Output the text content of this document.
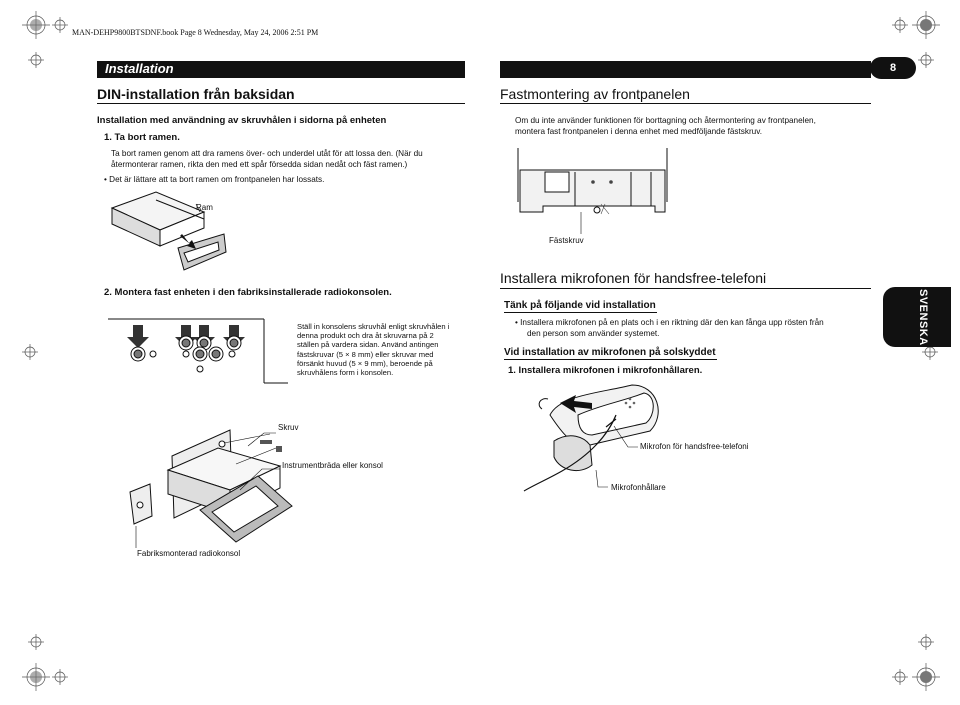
MAN-DEHP9800BTSDNF.book Page 8 Wednesday, May 24, 2006 2:51 PM
Installation	8
DIN-installation från baksidan
Installation med användning av skruvhålen i sidorna på enheten
1. Ta bort ramen.
Ta bort ramen genom att dra ramens över- och underdel utåt för att lossa den. (När du
återmonterar ramen, rikta den med ett spår försedda sidan nedåt och fäst ramen.)
• Det är lättare att ta bort ramen om frontpanelen har lossats.
Ram
2. Montera fast enheten i den fabriksinstallerade radiokonsolen.
Ställ in konsolens skruvhål enligt skruvhålen i
denna produkt och dra åt skruvarna på 2
ställen på vardera sidan. Använd antingen
fästskruvar (5 × 8 mm) eller skruvar med
försänkt huvud (5 × 9 mm), beroende på
skruvhålens form i konsolen.
Skruv
Instrumentbräda eller konsol
Fabriksmonterad radiokonsol
Fastmontering av frontpanelen
Om du inte använder funktionen för borttagning och återmontering av frontpanelen,
montera fast frontpanelen i denna enhet med medföljande fästskruv.
Fästskruv
Installera mikrofonen för handsfree-telefoni
Tänk på följande vid installation
• Installera mikrofonen på en plats och i en riktning där den kan fånga upp rösten från
den person som använder systemet.
Vid installation av mikrofonen på solskyddet
1. Installera mikrofonen i mikrofonhållaren.
Mikrofon för handsfree-telefoni
Mikrofonhållare
SVENSKA
